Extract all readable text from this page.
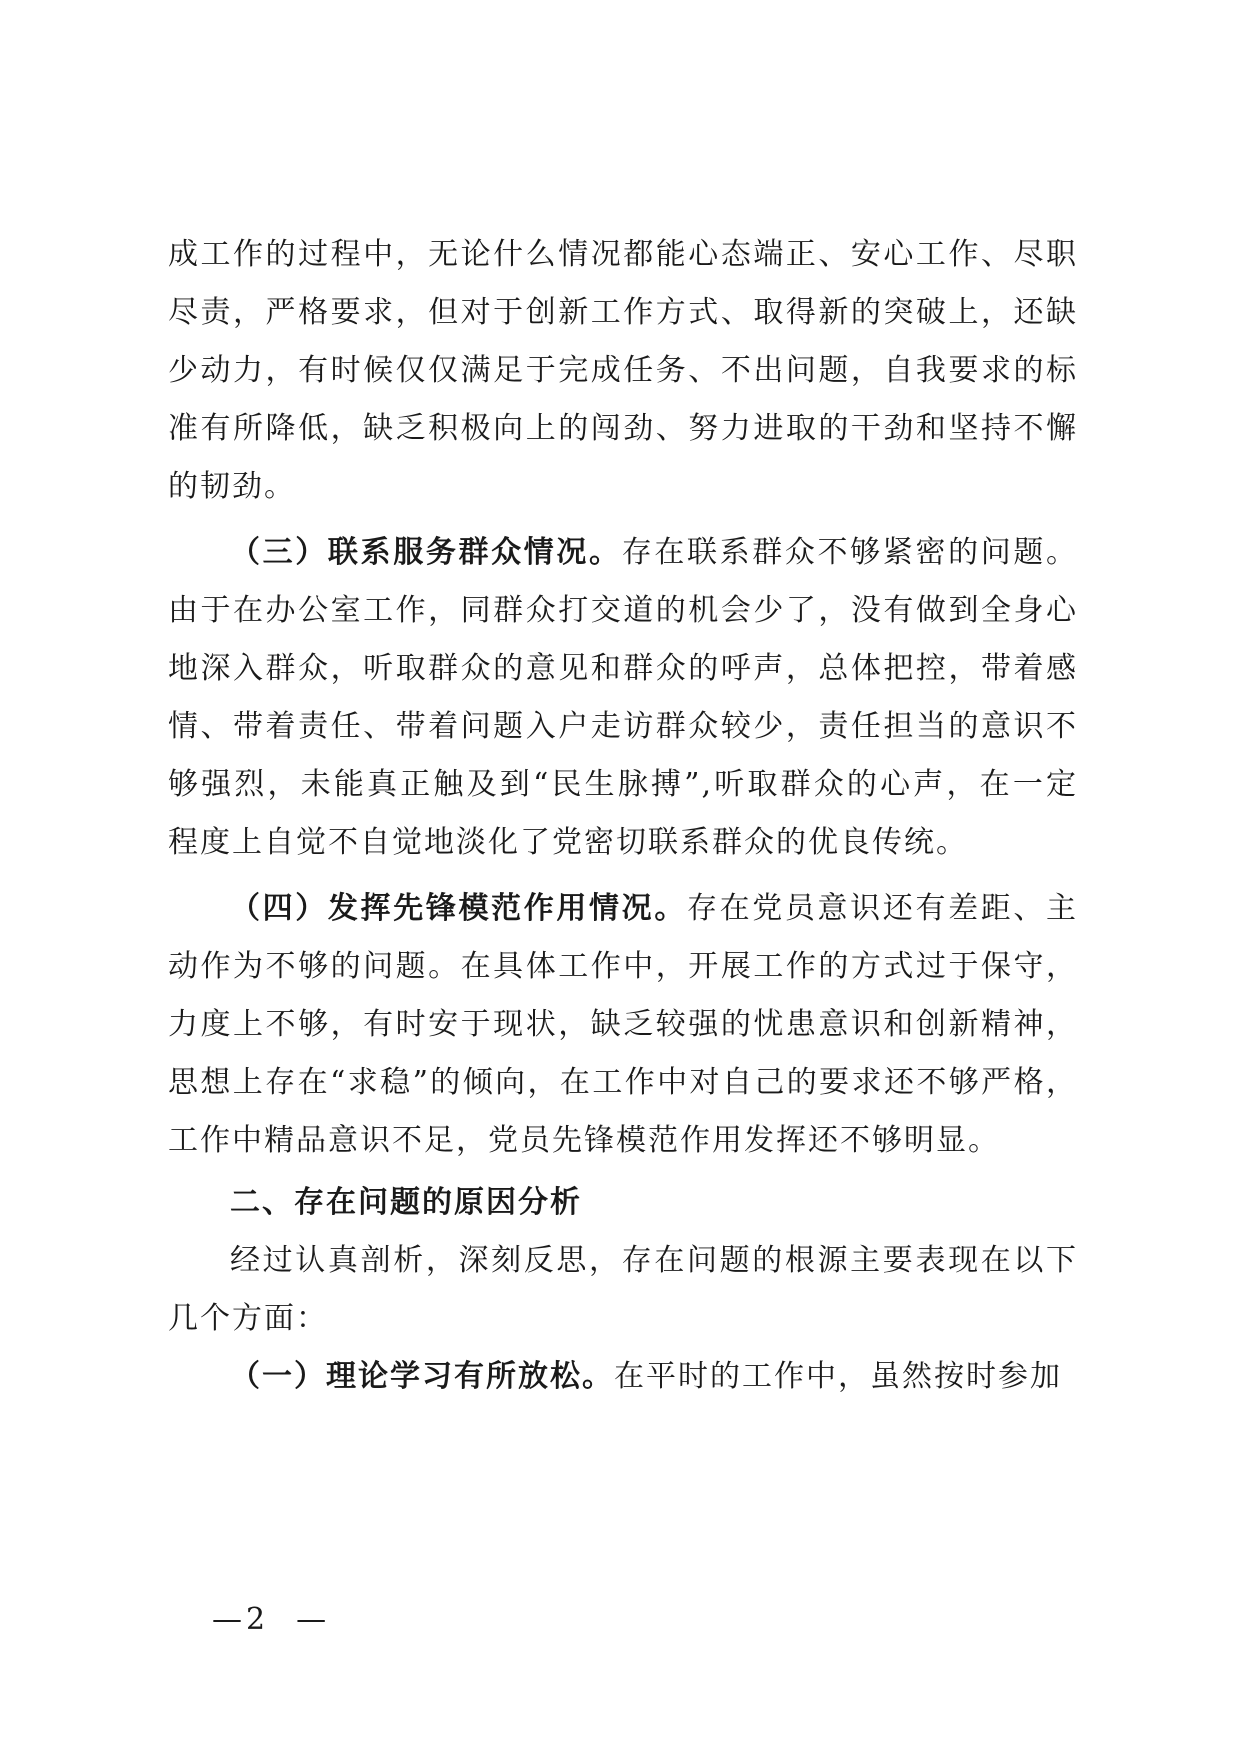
成工作的过程中，无论什么情况都能心态端正、安心工作、尽职尽责，严格要求，但对于创新工作方式、取得新的突破上，还缺少动力，有时候仅仅满足于完成任务、不出问题，自我要求的标准有所降低，缺乏积极向上的闯劲、努力进取的干劲和坚持不懈的韧劲。

（三）联系服务群众情况。存在联系群众不够紧密的问题。由于在办公室工作，同群众打交道的机会少了，没有做到全身心地深入群众，听取群众的意见和群众的呼声，总体把控，带着感情、带着责任、带着问题入户走访群众较少，责任担当的意识不够强烈，未能真正触及到“民生脉搏”,听取群众的心声，在一定程度上自觉不自觉地淡化了党密切联系群众的优良传统。

（四）发挥先锋模范作用情况。存在党员意识还有差距、主动作为不够的问题。在具体工作中，开展工作的方式过于保守，力度上不够，有时安于现状，缺乏较强的忧患意识和创新精神，思想上存在“求稳”的倾向，在工作中对自己的要求还不够严格，工作中精品意识不足，党员先锋模范作用发挥还不够明显。

二、存在问题的原因分析

经过认真剖析，深刻反思，存在问题的根源主要表现在以下几个方面：

（一）理论学习有所放松。在平时的工作中，虽然按时参加

—2  —
